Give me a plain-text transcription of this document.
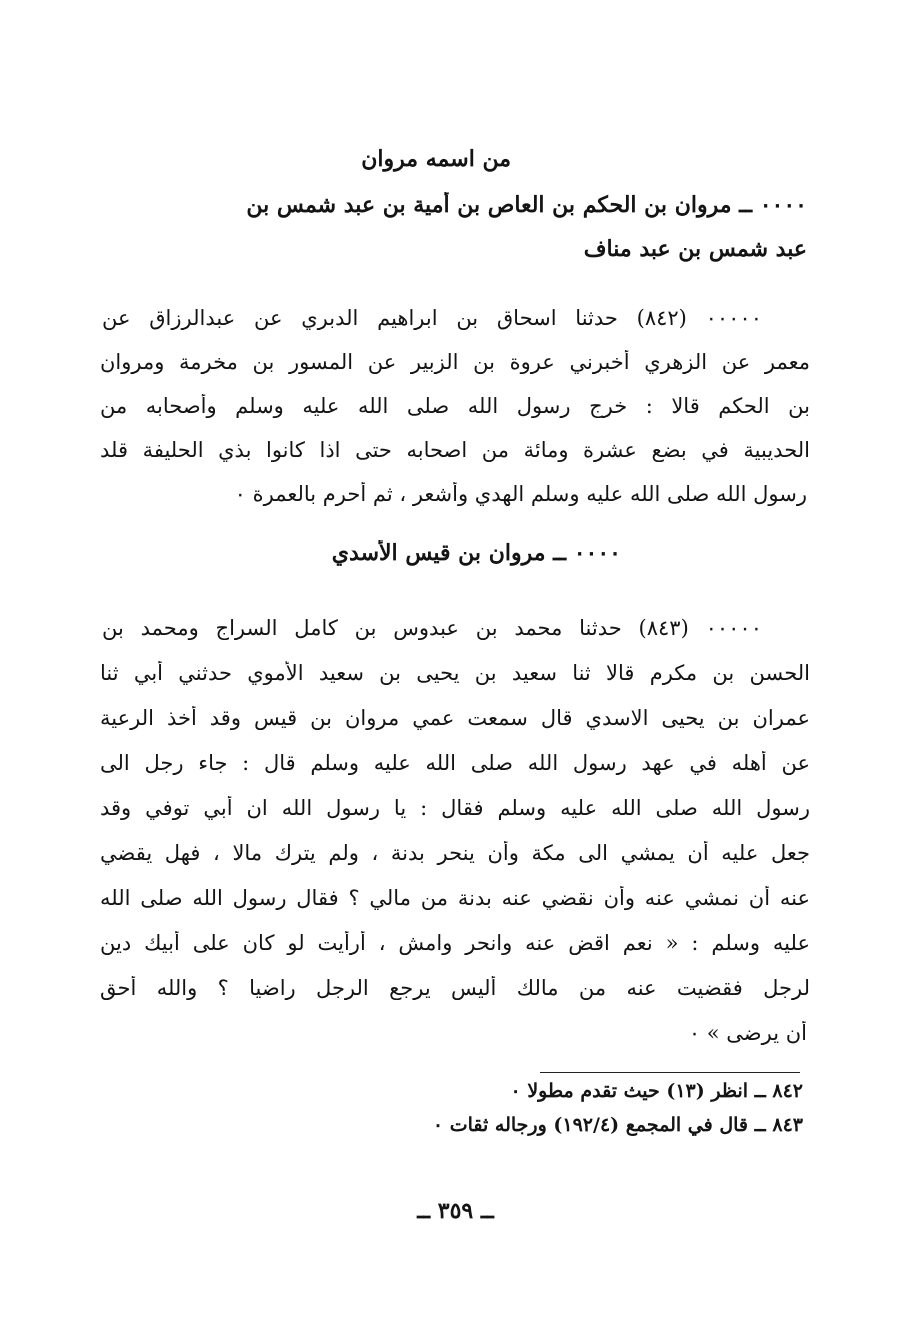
من اسمه مروان
٠٠٠٠ ــ مروان بن الحكم بن العاص بن أمية بن عبد شمس بن
عبد شمس بن عبد مناف
٠٠٠٠٠ (٨٤٢) حدثنا اسحاق بن ابراهيم الدبري عن عبدالرزاق عن
معمر عن الزهري أخبرني عروة بن الزبير عن المسور بن مخرمة ومروان
بن الحكم قالا : خرج رسول الله صلى الله عليه وسلم وأصحابه من
الحديبية في بضع عشرة ومائة من اصحابه حتى اذا كانوا بذي الحليفة قلد
رسول الله صلى الله عليه وسلم الهدي وأشعر ، ثم أحرم بالعمرة ٠
٠٠٠٠ ــ مروان بن قيس الأسدي
٠٠٠٠٠ (٨٤٣) حدثنا محمد بن عبدوس بن كامل السراج ومحمد بن
الحسن بن مكرم قالا ثنا سعيد بن يحيى بن سعيد الأموي حدثني أبي ثنا
عمران بن يحيى الاسدي قال سمعت عمي مروان بن قيس وقد أخذ الرعية
عن أهله في عهد رسول الله صلى الله عليه وسلم قال : جاء رجل الى
رسول الله صلى الله عليه وسلم فقال : يا رسول الله ان أبي توفي وقد
جعل عليه أن يمشي الى مكة وأن ينحر بدنة ، ولم يترك مالا ، فهل يقضي
عنه أن نمشي عنه وأن نقضي عنه بدنة من مالي ؟ فقال رسول الله صلى الله
عليه وسلم : « نعم اقض عنه وانحر وامش ، أرأيت لو كان على أبيك دين
لرجل فقضيت عنه من مالك أليس يرجع الرجل راضيا ؟ والله أحق
أن يرضى » ٠
٨٤٢ ــ انظر (١٣) حيث تقدم مطولا ٠
٨٤٣ ــ قال في المجمع (١٩٢/٤) ورجاله ثقات ٠
ــ ٣٥٩ ــ
